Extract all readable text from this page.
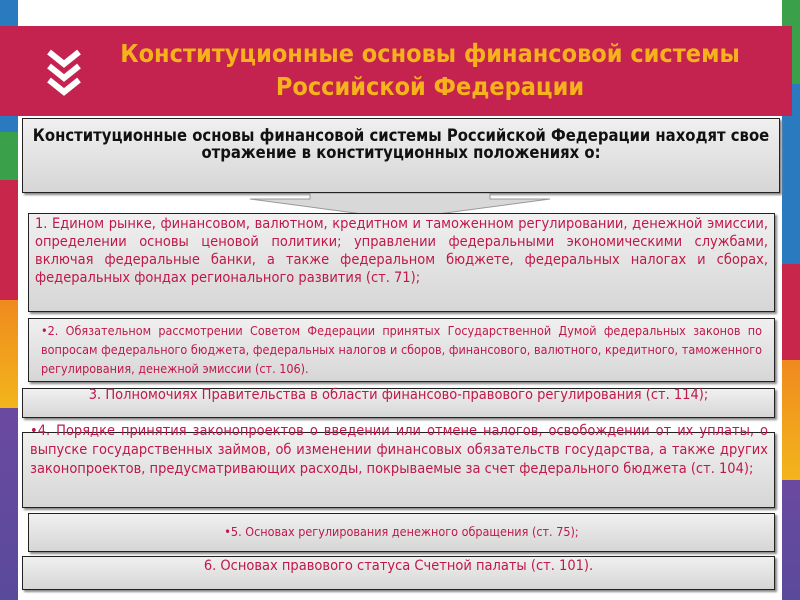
Конституционные основы финансовой системы Российской Федерации
Конституционные основы финансовой системы Российской Федерации находят свое отражение в конституционных положениях о:
1. Едином рынке, финансовом, валютном, кредитном и таможенном регулировании, денежной эмиссии, определении основы ценовой политики; управлении федеральными экономическими службами, включая федеральные банки, а также федеральном бюджете, федеральных налогах и сборах, федеральных фондах регионального развития (ст. 71);
•2. Обязательном рассмотрении Советом Федерации принятых Государственной Думой федеральных законов по вопросам федерального бюджета, федеральных налогов и сборов, финансового, валютного, кредитного, таможенного регулирования, денежной эмиссии (ст. 106).
3. Полномочиях Правительства в области финансово-правового регулирования (ст. 114);
•4. Порядке принятия законопроектов о введении или отмене налогов, освобождении от их уплаты, о выпуске государственных займов, об изменении финансовых обязательств государства, а также других законопроектов, предусматривающих расходы, покрываемые за счет федерального бюджета (ст. 104);
•5. Основах регулирования денежного обращения (ст. 75);
6. Основах правового статуса Счетной палаты (ст. 101).
